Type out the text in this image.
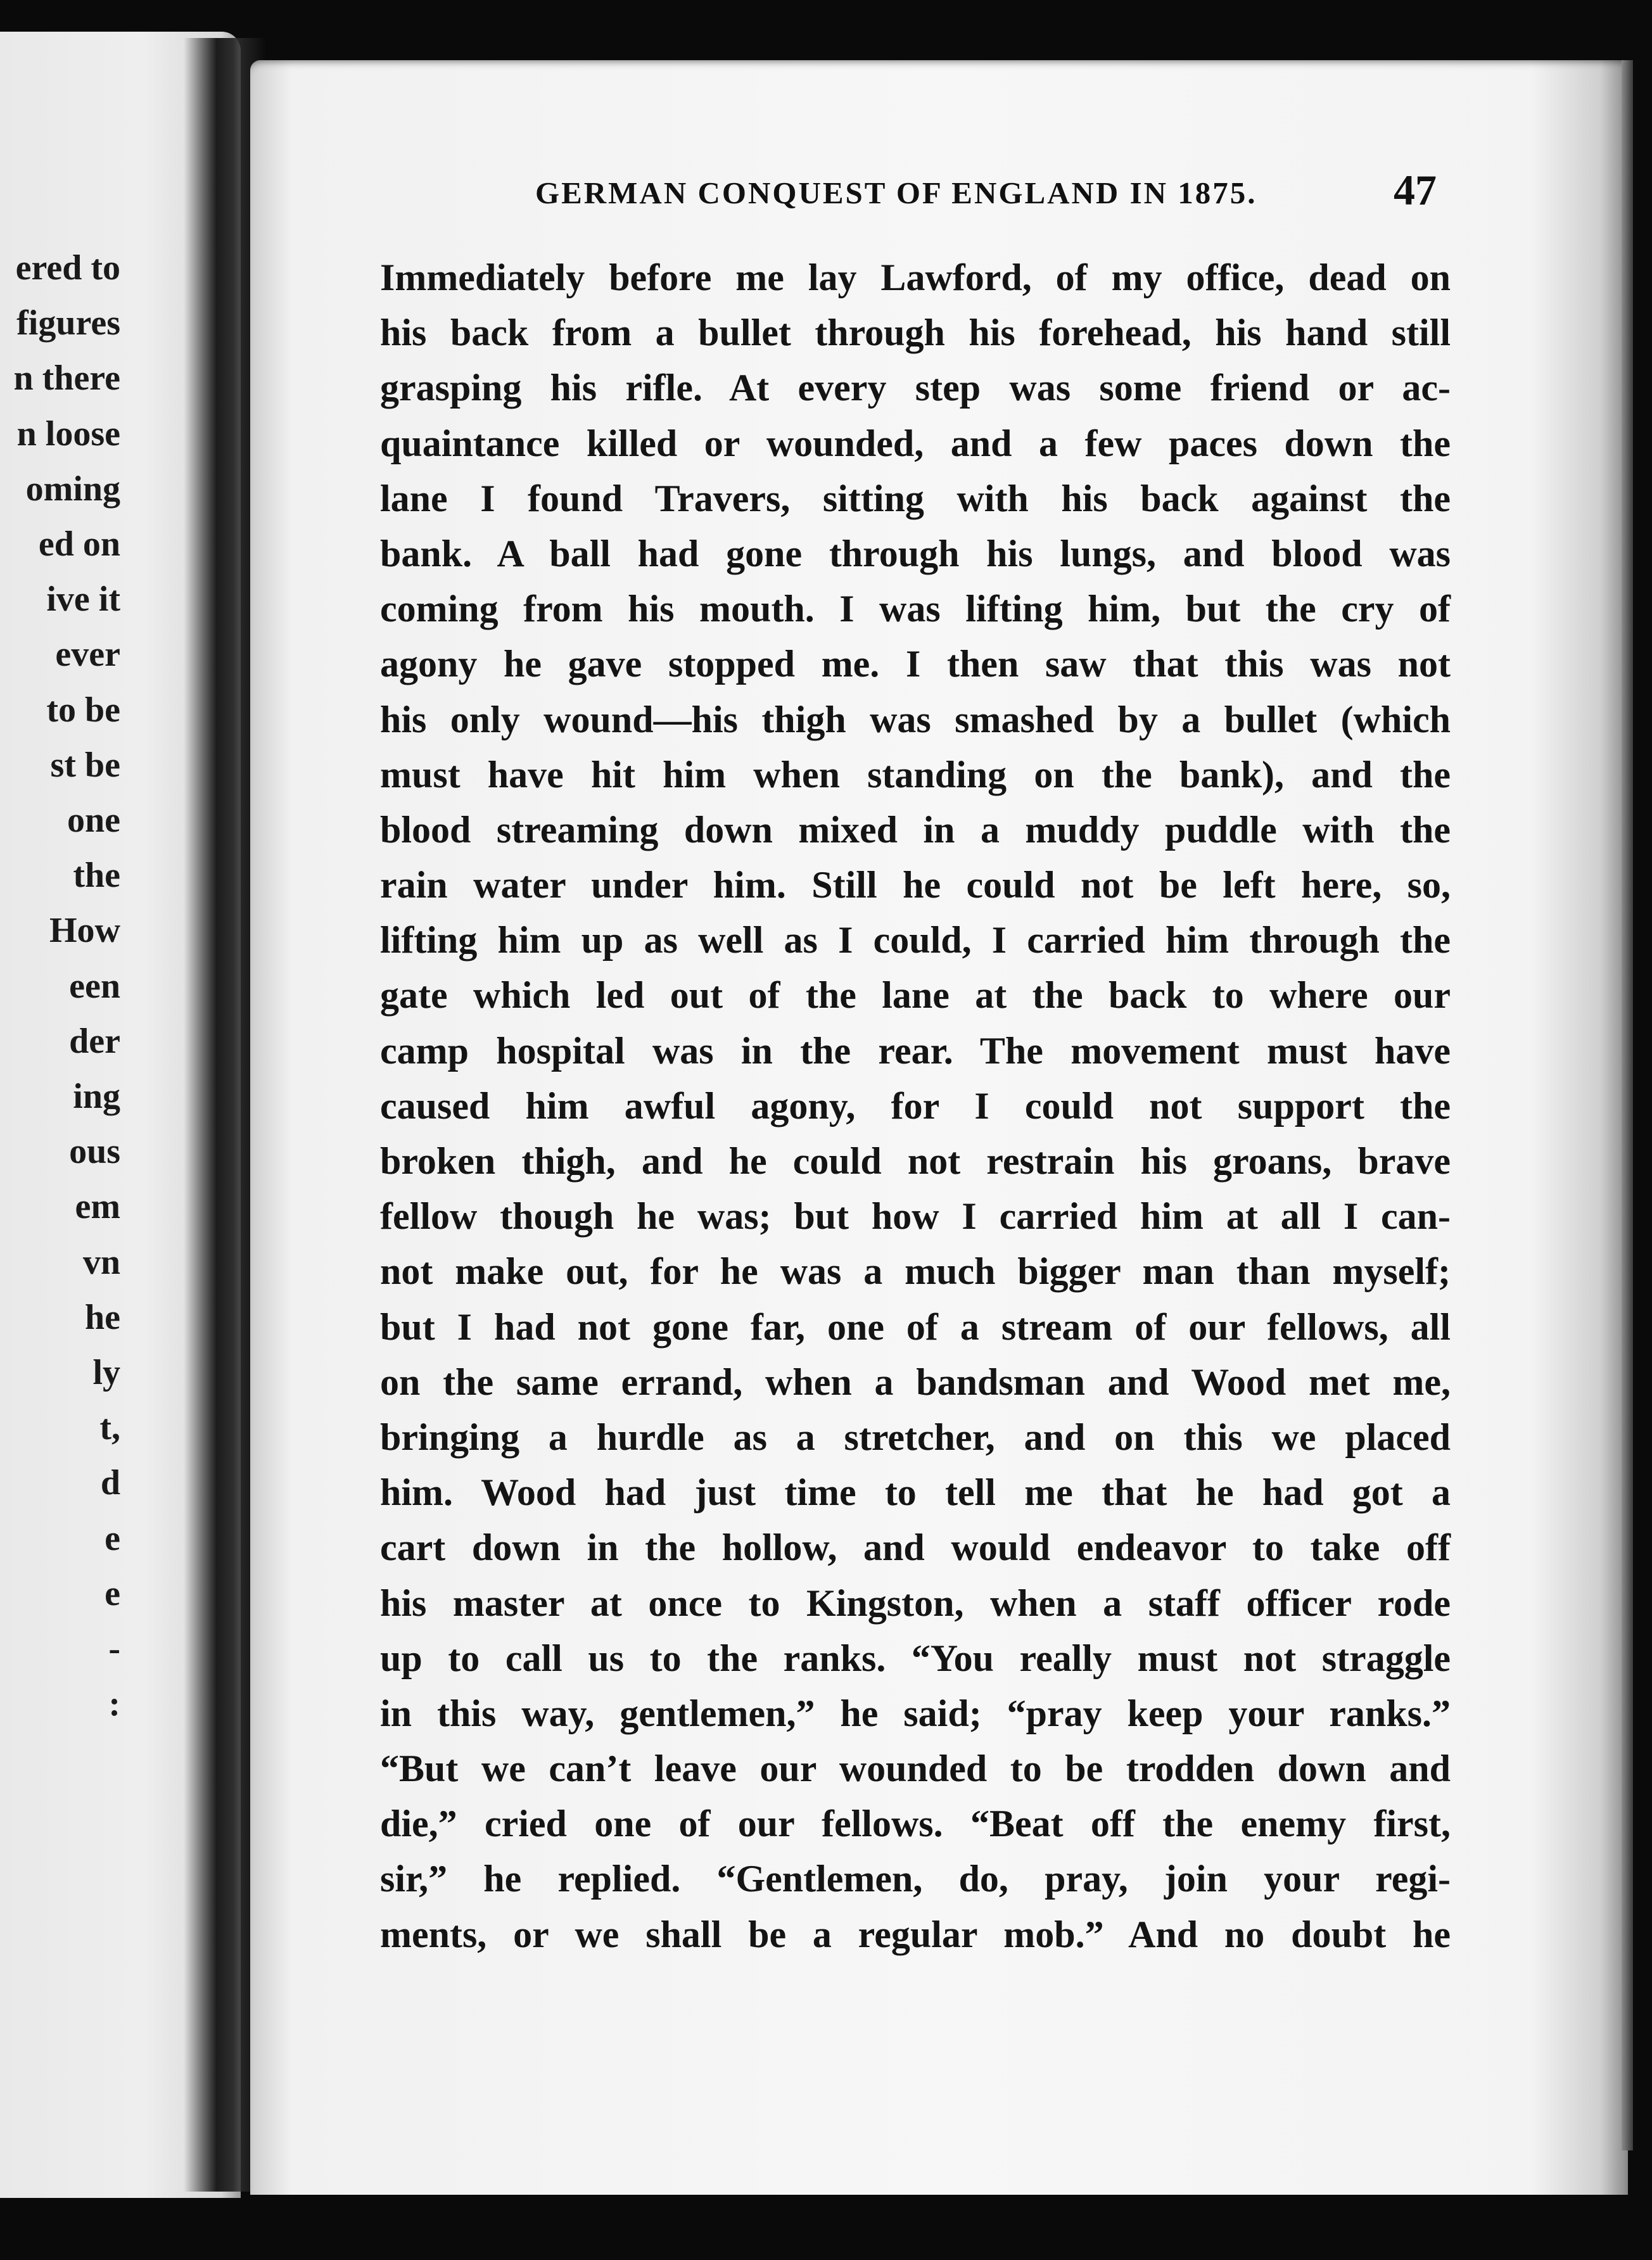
ered to
figures
n there
n loose
oming
ed on
ive it
ever
to be
st be
one
the
How
een
der
ing
ous
em
vn
he
ly
t,
d
e
e
-
:
GERMAN CONQUEST OF ENGLAND IN 1875.	47
Immediately before me lay Lawford, of my office, dead on
his back from a bullet through his forehead, his hand still
grasping his rifle. At every step was some friend or ac-
quaintance killed or wounded, and a few paces down the
lane I found Travers, sitting with his back against the
bank. A ball had gone through his lungs, and blood was
coming from his mouth. I was lifting him, but the cry of
agony he gave stopped me. I then saw that this was not
his only wound—his thigh was smashed by a bullet (which
must have hit him when standing on the bank), and the
blood streaming down mixed in a muddy puddle with the
rain water under him. Still he could not be left here, so,
lifting him up as well as I could, I carried him through the
gate which led out of the lane at the back to where our
camp hospital was in the rear. The movement must have
caused him awful agony, for I could not support the
broken thigh, and he could not restrain his groans, brave
fellow though he was; but how I carried him at all I can-
not make out, for he was a much bigger man than myself;
but I had not gone far, one of a stream of our fellows, all
on the same errand, when a bandsman and Wood met me,
bringing a hurdle as a stretcher, and on this we placed
him. Wood had just time to tell me that he had got a
cart down in the hollow, and would endeavor to take off
his master at once to Kingston, when a staff officer rode
up to call us to the ranks. “You really must not straggle
in this way, gentlemen,” he said; “pray keep your ranks.”
“But we can’t leave our wounded to be trodden down and
die,” cried one of our fellows. “Beat off the enemy first,
sir,” he replied. “Gentlemen, do, pray, join your regi-
ments, or we shall be a regular mob.” And no doubt he
